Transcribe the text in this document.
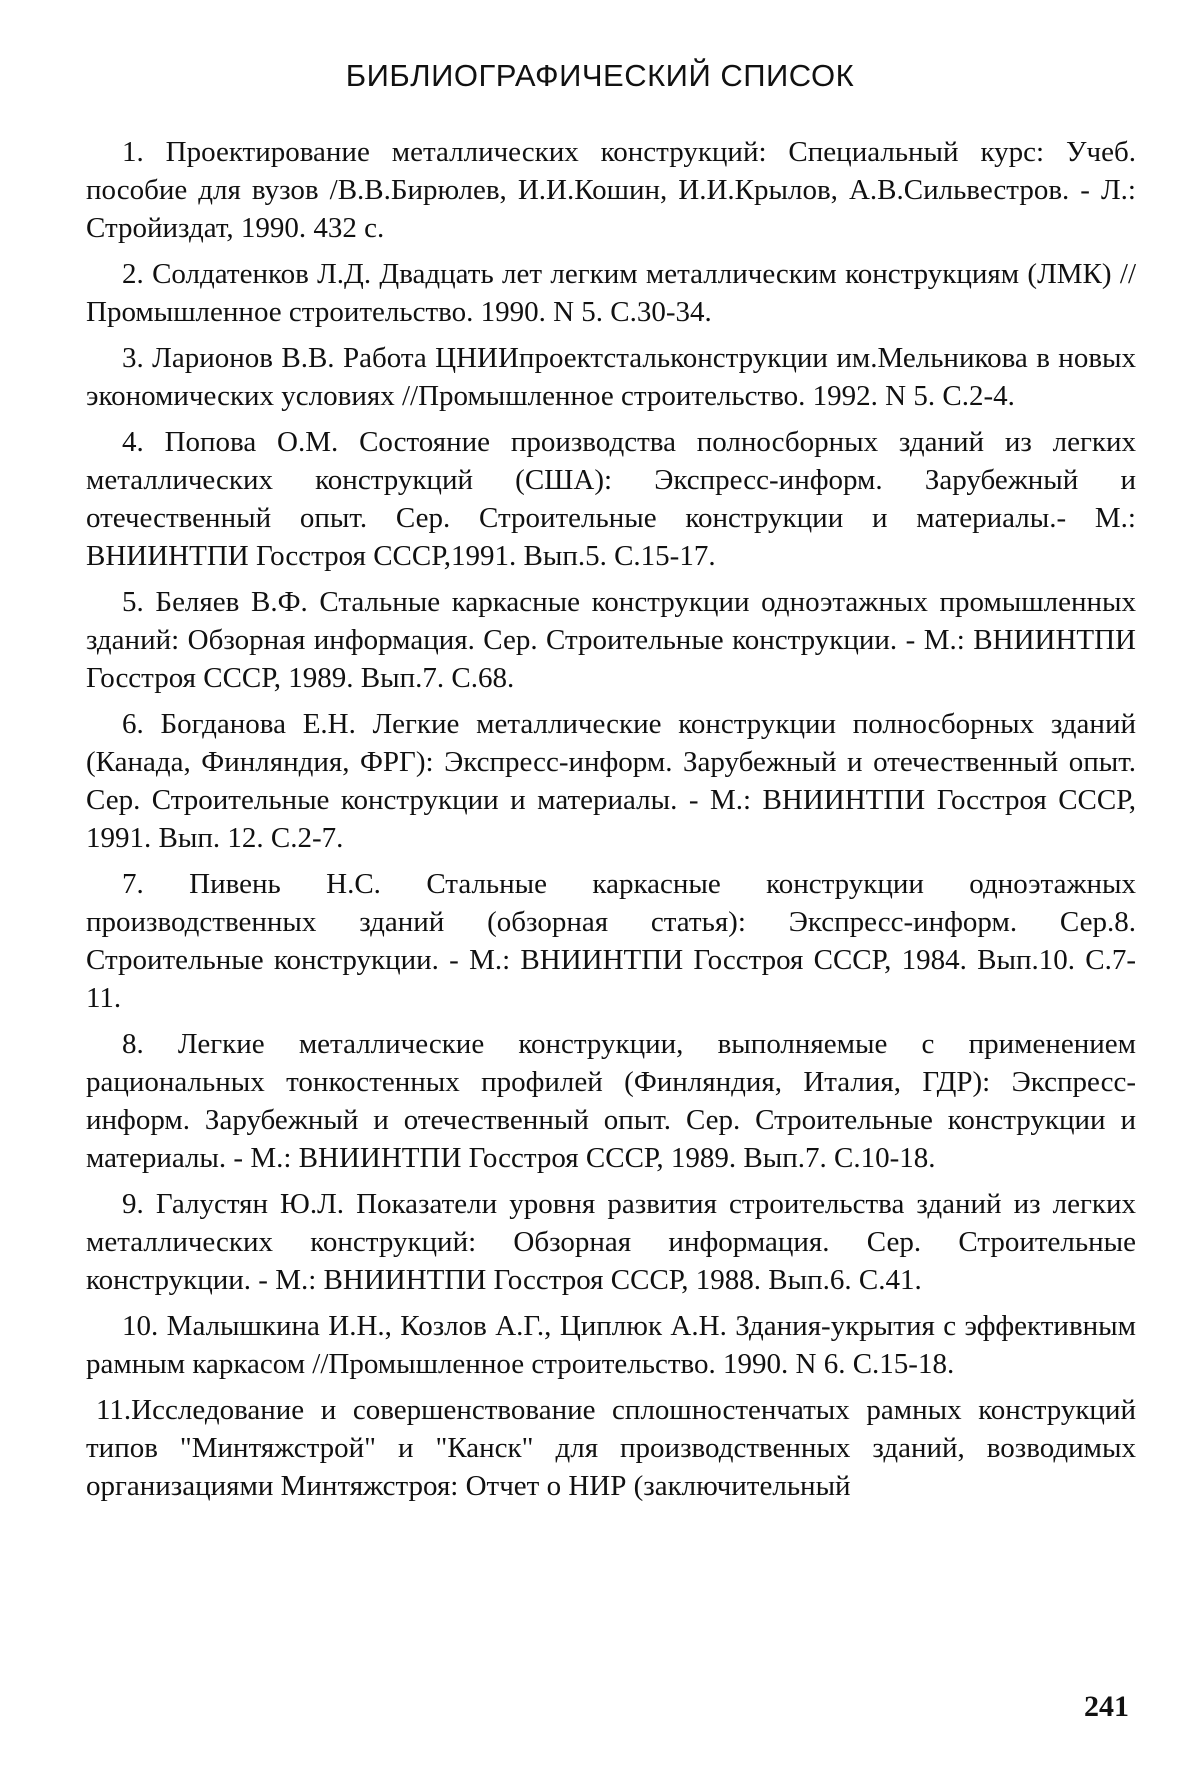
БИБЛИОГРАФИЧЕСКИЙ СПИСОК
1. Проектирование металлических конструкций: Специальный курс: Учеб. пособие для вузов /В.В.Бирюлев, И.И.Кошин, И.И.Крылов, А.В.Сильвестров. - Л.: Стройиздат, 1990. 432 с.
2. Солдатенков Л.Д. Двадцать лет легким металлическим конструкциям (ЛМК) //Промышленное строительство. 1990. N 5. С.30-34.
3. Ларионов В.В. Работа ЦНИИпроектстальконструкции им.Мельникова в новых экономических условиях //Промышленное строительство. 1992. N 5. С.2-4.
4. Попова О.М. Состояние производства полносборных зданий из легких металлических конструкций (США): Экспресс-информ. Зарубежный и отечественный опыт. Сер. Строительные конструкции и материалы.- М.: ВНИИНТПИ Госстроя СССР,1991. Вып.5. С.15-17.
5. Беляев В.Ф. Стальные каркасные конструкции одноэтажных промышленных зданий: Обзорная информация. Сер. Строительные конструкции. - М.: ВНИИНТПИ Госстроя СССР, 1989. Вып.7. С.68.
6. Богданова Е.Н. Легкие металлические конструкции полносборных зданий (Канада, Финляндия, ФРГ): Экспресс-информ. Зарубежный и отечественный опыт. Сер. Строительные конструкции и материалы. - М.: ВНИИНТПИ Госстроя СССР, 1991. Вып. 12. С.2-7.
7. Пивень Н.С. Стальные каркасные конструкции одноэтажных производственных зданий (обзорная статья): Экспресс-информ. Сер.8. Строительные конструкции. - М.: ВНИИНТПИ Госстроя СССР, 1984. Вып.10. С.7-11.
8. Легкие металлические конструкции, выполняемые с применением рациональных тонкостенных профилей (Финляндия, Италия, ГДР): Экспресс-информ. Зарубежный и отечественный опыт. Сер. Строительные конструкции и материалы. - М.: ВНИИНТПИ Госстроя СССР, 1989. Вып.7. С.10-18.
9. Галустян Ю.Л. Показатели уровня развития строительства зданий из легких металлических конструкций: Обзорная информация. Сер. Строительные конструкции. - М.: ВНИИНТПИ Госстроя СССР, 1988. Вып.6. С.41.
10. Малышкина И.Н., Козлов А.Г., Циплюк А.Н. Здания-укрытия с эффективным рамным каркасом //Промышленное строительство. 1990. N 6. С.15-18.
11.Исследование и совершенствование сплошностенчатых рамных конструкций типов "Минтяжстрой" и "Канск" для производственных зданий, возводимых организациями Минтяжстроя: Отчет о НИР (заключительный

241
